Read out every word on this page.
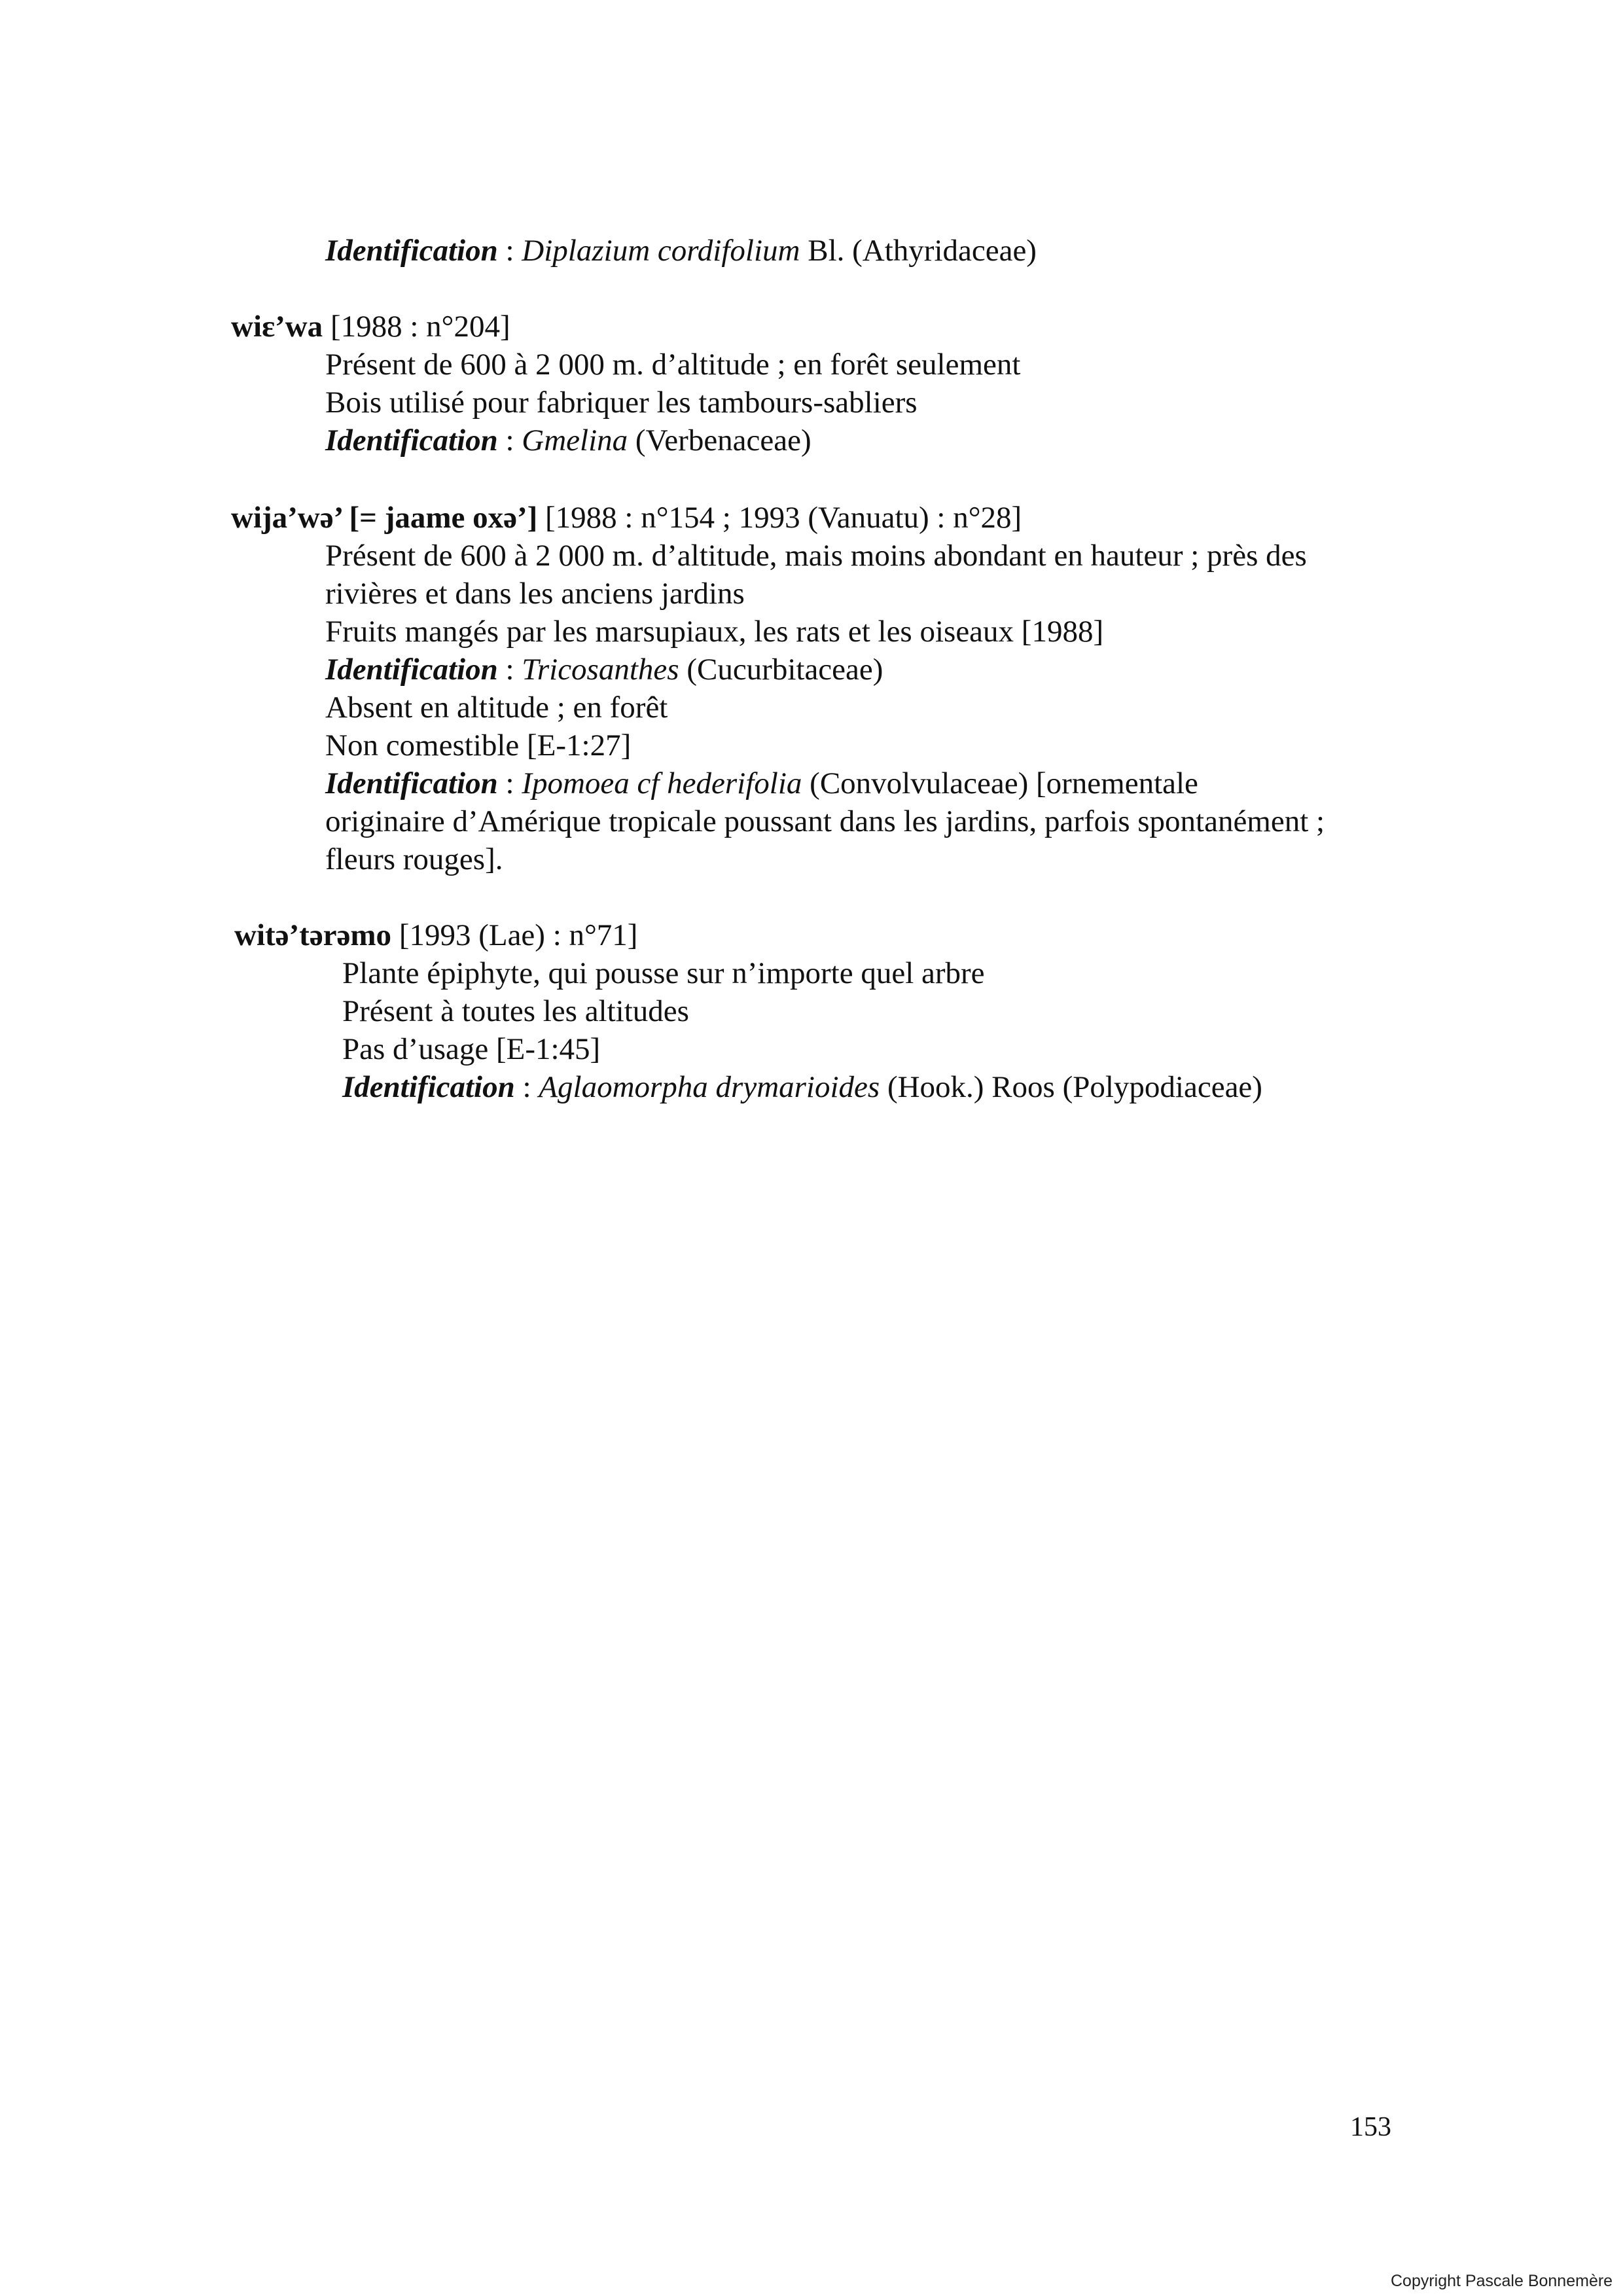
Identification : Diplazium cordifolium Bl. (Athyridaceae)
wiɛ’wa [1988 : n°204]
Présent de 600 à 2 000 m. d’altitude ; en forêt seulement
Bois utilisé pour fabriquer les tambours-sabliers
Identification : Gmelina (Verbenaceae)
wija’wə’ [= jaame oxə’] [1988 : n°154 ; 1993 (Vanuatu) : n°28]
Présent de 600 à 2 000 m. d’altitude, mais moins abondant en hauteur ; près des
rivières et dans les anciens jardins
Fruits mangés par les marsupiaux, les rats et les oiseaux [1988]
Identification : Tricosanthes (Cucurbitaceae)
Absent en altitude ; en forêt
Non comestible [E-1:27]
Identification : Ipomoea cf hederifolia (Convolvulaceae) [ornementale
originaire d’Amérique tropicale poussant dans les jardins, parfois spontanément ;
fleurs rouges].
witə’tərəmo [1993 (Lae) : n°71]
Plante épiphyte, qui pousse sur n’importe quel arbre
Présent à toutes les altitudes
Pas d’usage [E-1:45]
Identification : Aglaomorpha drymarioides (Hook.) Roos (Polypodiaceae)
153
Copyright Pascale Bonnemère
